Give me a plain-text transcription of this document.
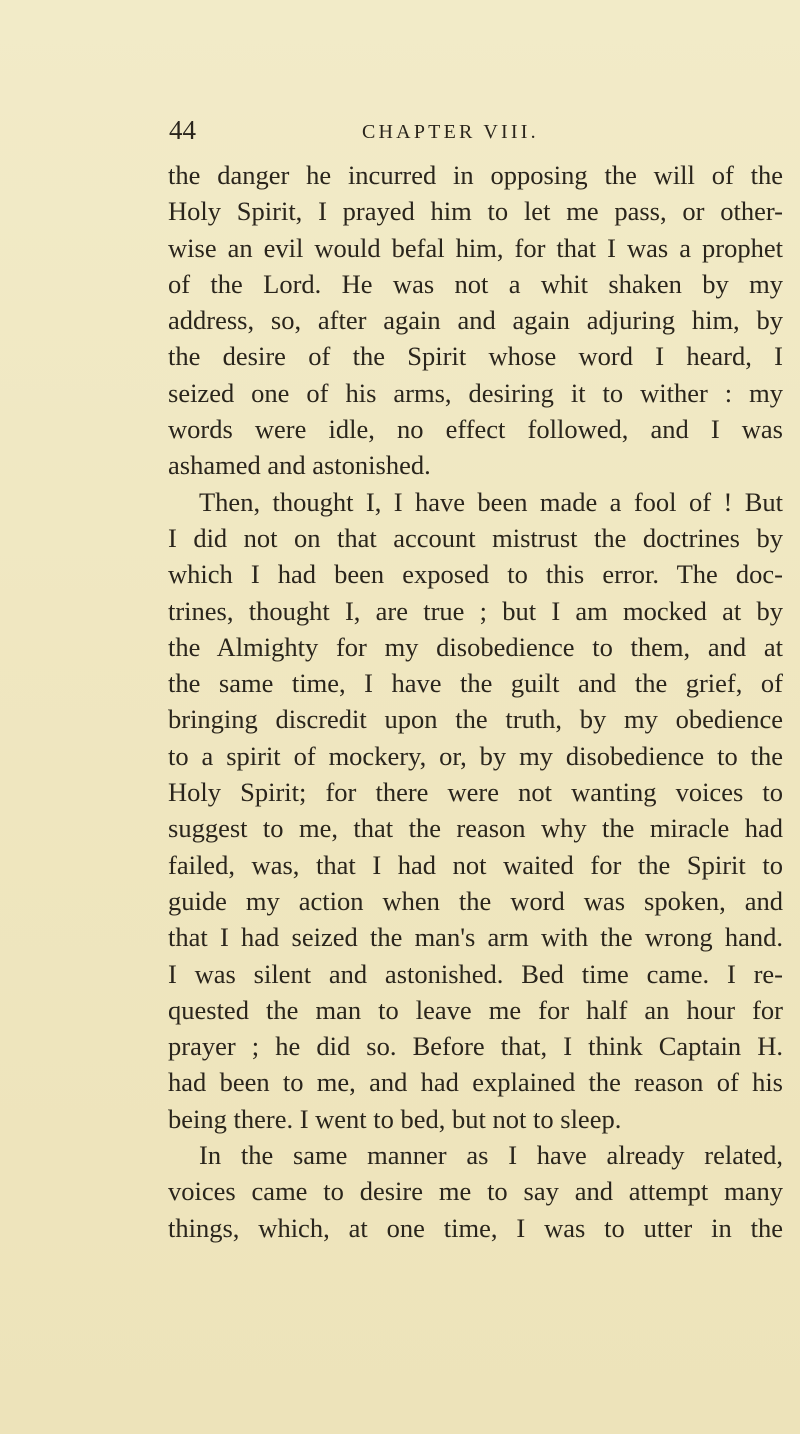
44	CHAPTER VIII.
the danger he incurred in opposing the will of the
Holy Spirit, I prayed him to let me pass, or other-
wise an evil would befal him, for that I was a prophet
of the Lord. He was not a whit shaken by my
address, so, after again and again adjuring him, by
the desire of the Spirit whose word I heard, I
seized one of his arms, desiring it to wither : my
words were idle, no effect followed, and I was
ashamed and astonished.
Then, thought I, I have been made a fool of ! But
I did not on that account mistrust the doctrines by
which I had been exposed to this error. The doc-
trines, thought I, are true ; but I am mocked at by
the Almighty for my disobedience to them, and at
the same time, I have the guilt and the grief, of
bringing discredit upon the truth, by my obedience
to a spirit of mockery, or, by my disobedience to the
Holy Spirit; for there were not wanting voices to
suggest to me, that the reason why the miracle had
failed, was, that I had not waited for the Spirit to
guide my action when the word was spoken, and
that I had seized the man's arm with the wrong hand.
I was silent and astonished. Bed time came. I re-
quested the man to leave me for half an hour for
prayer ; he did so. Before that, I think Captain H.
had been to me, and had explained the reason of his
being there. I went to bed, but not to sleep.
In the same manner as I have already related,
voices came to desire me to say and attempt many
things, which, at one time, I was to utter in the
